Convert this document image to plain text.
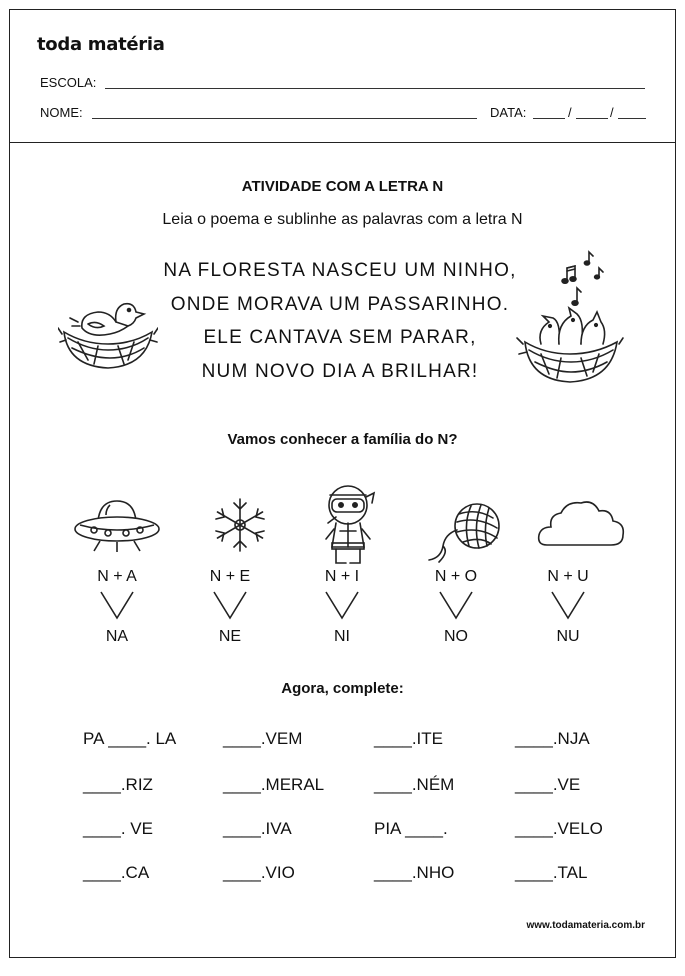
toda matéria
ESCOLA:
NOME:	DATA:	/	/
ATIVIDADE COM A LETRA N
Leia o poema e sublinhe as palavras com a letra N
NA FLORESTA NASCEU UM NINHO,
ONDE MORAVA UM PASSARINHO.
ELE CANTAVA SEM PARAR,
NUM NOVO DIA A BRILHAR!
Vamos conhecer a família do N?
N + A
NA
N + E
NE
N + I
NI
N + O
NO
N + U
NU
Agora, complete:
PA ____. LA	____.VEM	____.ITE	____.NJA
____.RIZ	____.MERAL	____.NÉM	____.VE
____. VE	____.IVA	PIA ____.	____.VELO
____.CA	____.VIO	____.NHO	____.TAL
www.todamateria.com.br
